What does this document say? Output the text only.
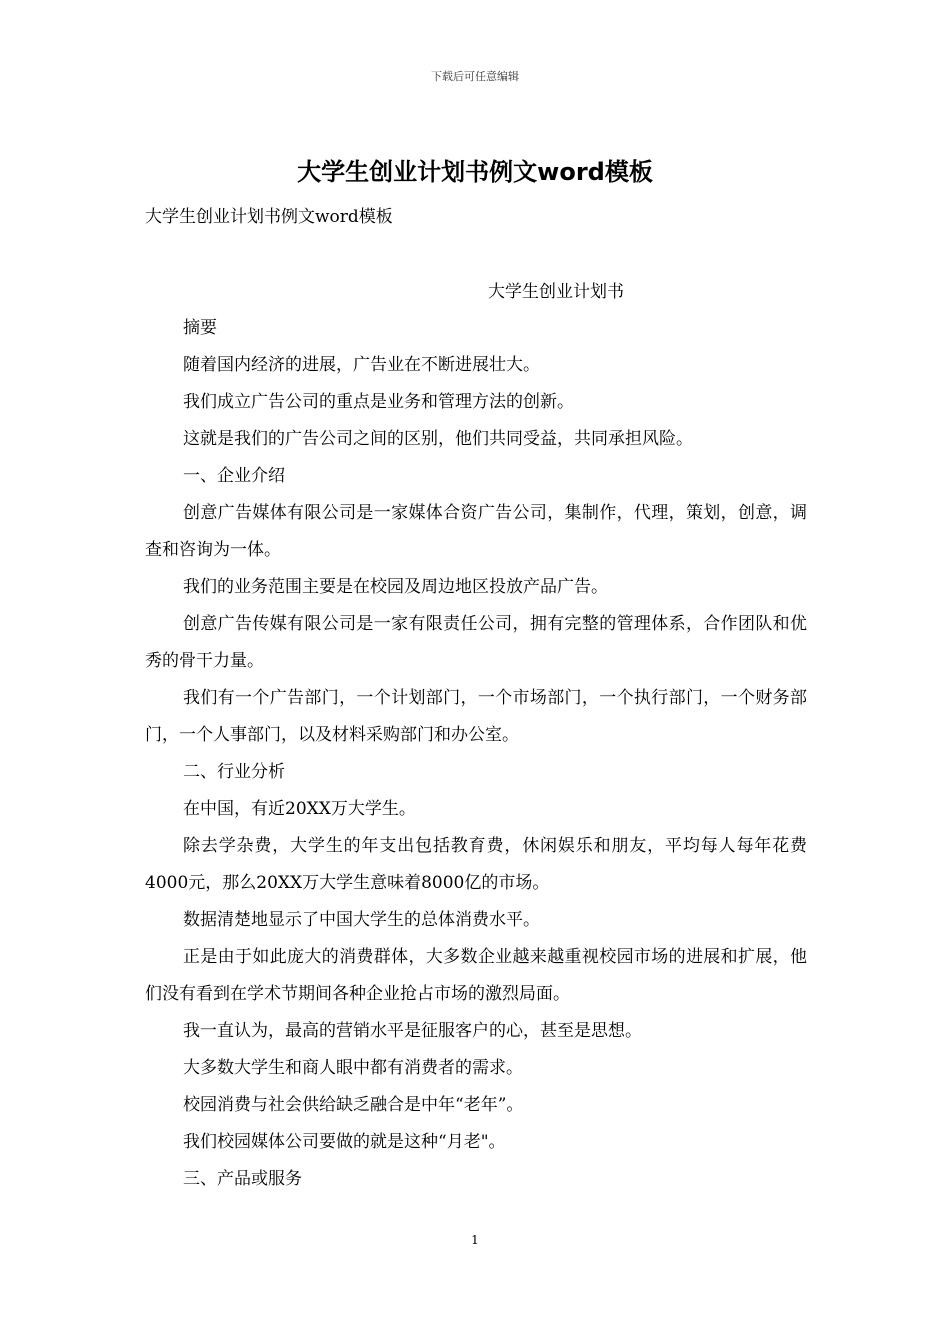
下载后可任意编辑
大学生创业计划书例文word模板
大学生创业计划书例文word模板
大学生创业计划书

摘要

随着国内经济的进展，广告业在不断进展壮大。

我们成立广告公司的重点是业务和管理方法的创新。

这就是我们的广告公司之间的区别，他们共同受益，共同承担风险。

一、企业介绍

创意广告媒体有限公司是一家媒体合资广告公司，集制作，代理，策划，创意，调查和咨询为一体。

我们的业务范围主要是在校园及周边地区投放产品广告。

创意广告传媒有限公司是一家有限责任公司，拥有完整的管理体系，合作团队和优秀的骨干力量。

我们有一个广告部门，一个计划部门，一个市场部门，一个执行部门，一个财务部门，一个人事部门，以及材料采购部门和办公室。

二、行业分析

在中国，有近20XX万大学生。

除去学杂费，大学生的年支出包括教育费，休闲娱乐和朋友，平均每人每年花费4000元，那么20XX万大学生意味着8000亿的市场。

数据清楚地显示了中国大学生的总体消费水平。

正是由于如此庞大的消费群体，大多数企业越来越重视校园市场的进展和扩展，他们没有看到在学术节期间各种企业抢占市场的激烈局面。

我一直认为，最高的营销水平是征服客户的心，甚至是思想。

大多数大学生和商人眼中都有消费者的需求。

校园消费与社会供给缺乏融合是中年“老年”。

我们校园媒体公司要做的就是这种“月老"。

三、产品或服务

1
